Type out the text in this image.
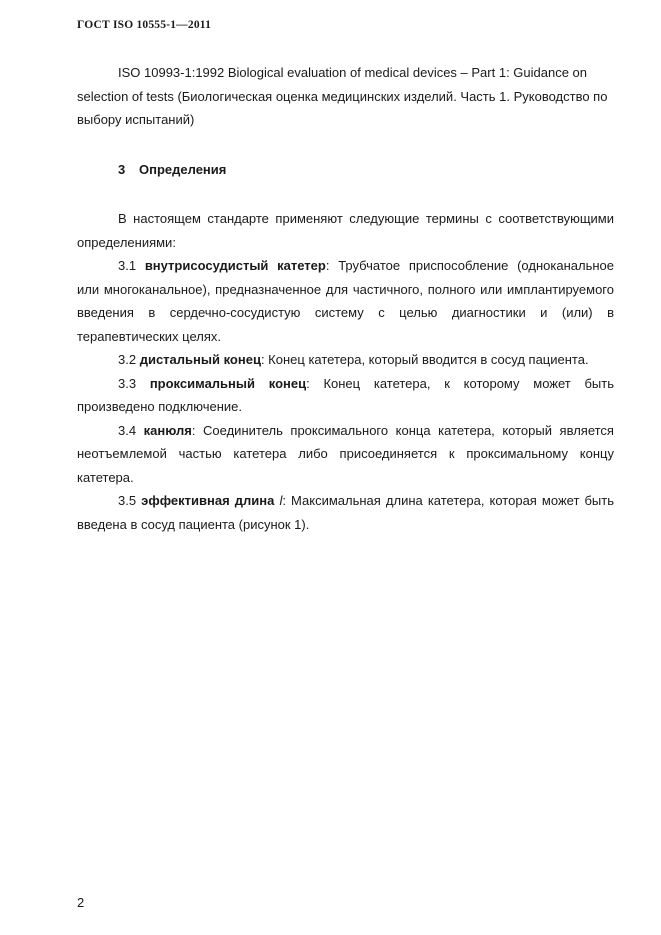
ГОСТ ISO 10555-1—2011

ISO 10993-1:1992 Biological evaluation of medical devices – Part 1: Guidance on selection of tests (Биологическая оценка медицинских изделий. Часть 1. Руководство по выбору испытаний)

3 Определения

В настоящем стандарте применяют следующие термины с соответствующими определениями:

3.1 внутрисосудистый катетер: Трубчатое приспособление (одноканальное или многоканальное), предназначенное для частичного, полного или имплантируемого введения в сердечно-сосудистую систему с целью диагностики и (или) в терапевтических целях.

3.2 дистальный конец: Конец катетера, который вводится в сосуд пациента.

3.3 проксимальный конец: Конец катетера, к которому может быть произведено подключение.

3.4 канюля: Соединитель проксимального конца катетера, который является неотъемлемой частью катетера либо присоединяется к проксимальному концу катетера.

3.5 эффективная длина l: Максимальная длина катетера, которая может быть введена в сосуд пациента (рисунок 1).

2
